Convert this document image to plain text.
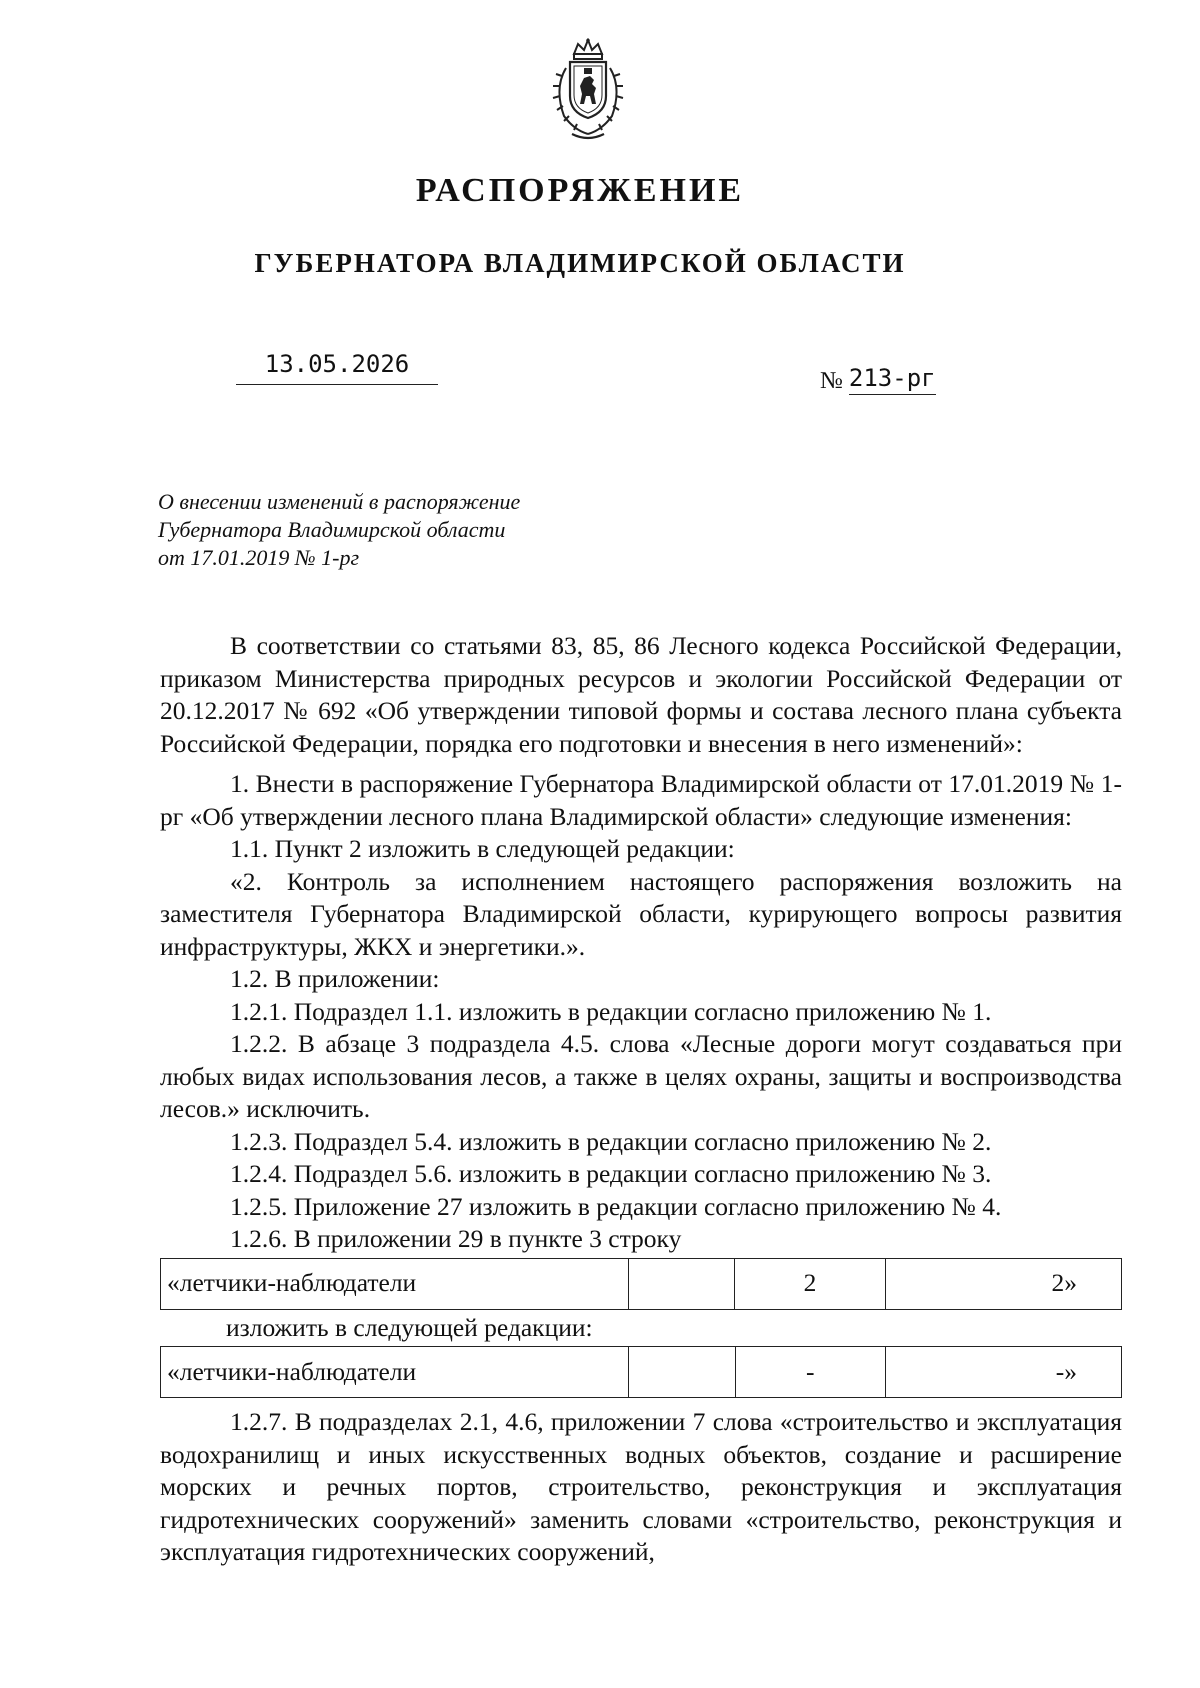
РАСПОРЯЖЕНИЕ
ГУБЕРНАТОРА ВЛАДИМИРСКОЙ ОБЛАСТИ
13.05.2026
№ 213-рг
О внесении изменений в распоряжение
Губернатора Владимирской области
от 17.01.2019 № 1-рг

В соответствии со статьями 83, 85, 86 Лесного кодекса Российской Федерации, приказом Министерства природных ресурсов и экологии Российской Федерации от 20.12.2017 № 692 «Об утверждении типовой формы и состава лесного плана субъекта Российской Федерации, порядка его подготовки и внесения в него изменений»:

1. Внести в распоряжение Губернатора Владимирской области от 17.01.2019 № 1-рг «Об утверждении лесного плана Владимирской области» следующие изменения:

1.1. Пункт 2 изложить в следующей редакции:

«2. Контроль за исполнением настоящего распоряжения возложить на заместителя Губернатора Владимирской области, курирующего вопросы развития инфраструктуры, ЖКХ и энергетики.».

1.2. В приложении:

1.2.1. Подраздел 1.1. изложить в редакции согласно приложению № 1.

1.2.2. В абзаце 3 подраздела 4.5. слова «Лесные дороги могут создаваться при любых видах использования лесов, а также в целях охраны, защиты и воспроизводства лесов.» исключить.

1.2.3. Подраздел 5.4. изложить в редакции согласно приложению № 2.

1.2.4. Подраздел 5.6. изложить в редакции согласно приложению № 3.

1.2.5. Приложение 27 изложить в редакции согласно приложению № 4.

1.2.6. В приложении 29 в пункте 3 строку

«летчики-наблюдатели		2	2»
изложить в следующей редакции:
«летчики-наблюдатели		-	-»

1.2.7. В подразделах 2.1, 4.6, приложении 7 слова «строительство и эксплуатация водохранилищ и иных искусственных водных объектов, создание и расширение морских и речных портов, строительство, реконструкция и эксплуатация гидротехнических сооружений» заменить словами «строительство, реконструкция и эксплуатация гидротехнических сооружений,
